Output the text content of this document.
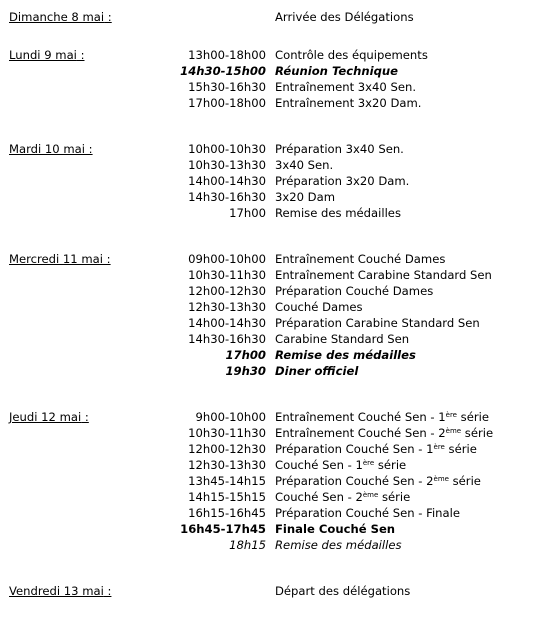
Dimanche 8 mai :	Arrivée des Délégations
Lundi 9 mai :	13h00-18h00 Contrôle des équipements
14h30-15h00 Réunion Technique
15h30-16h30 Entraînement 3x40 Sen.
17h00-18h00 Entraînement 3x20 Dam.
Mardi 10 mai :	10h00-10h30 Préparation 3x40 Sen.
10h30-13h30 3x40 Sen.
14h00-14h30 Préparation 3x20 Dam.
14h30-16h30 3x20 Dam
17h00 Remise des médailles
Mercredi 11 mai :	09h00-10h00 Entraînement Couché Dames
10h30-11h30 Entraînement Carabine Standard Sen
12h00-12h30 Préparation Couché Dames
12h30-13h30 Couché Dames
14h00-14h30 Préparation Carabine Standard Sen
14h30-16h30 Carabine Standard Sen
17h00 Remise des médailles
19h30 Diner officiel
Jeudi 12 mai :	9h00-10h00 Entraînement Couché Sen - 1ère série
10h30-11h30 Entraînement Couché Sen - 2ème série
12h00-12h30 Préparation Couché Sen - 1ère série
12h30-13h30 Couché Sen - 1ère série
13h45-14h15 Préparation Couché Sen - 2ème série
14h15-15h15 Couché Sen - 2ème série
16h15-16h45 Préparation Couché Sen - Finale
16h45-17h45 Finale Couché Sen
18h15 Remise des médailles
Vendredi 13 mai :	Départ des délégations
